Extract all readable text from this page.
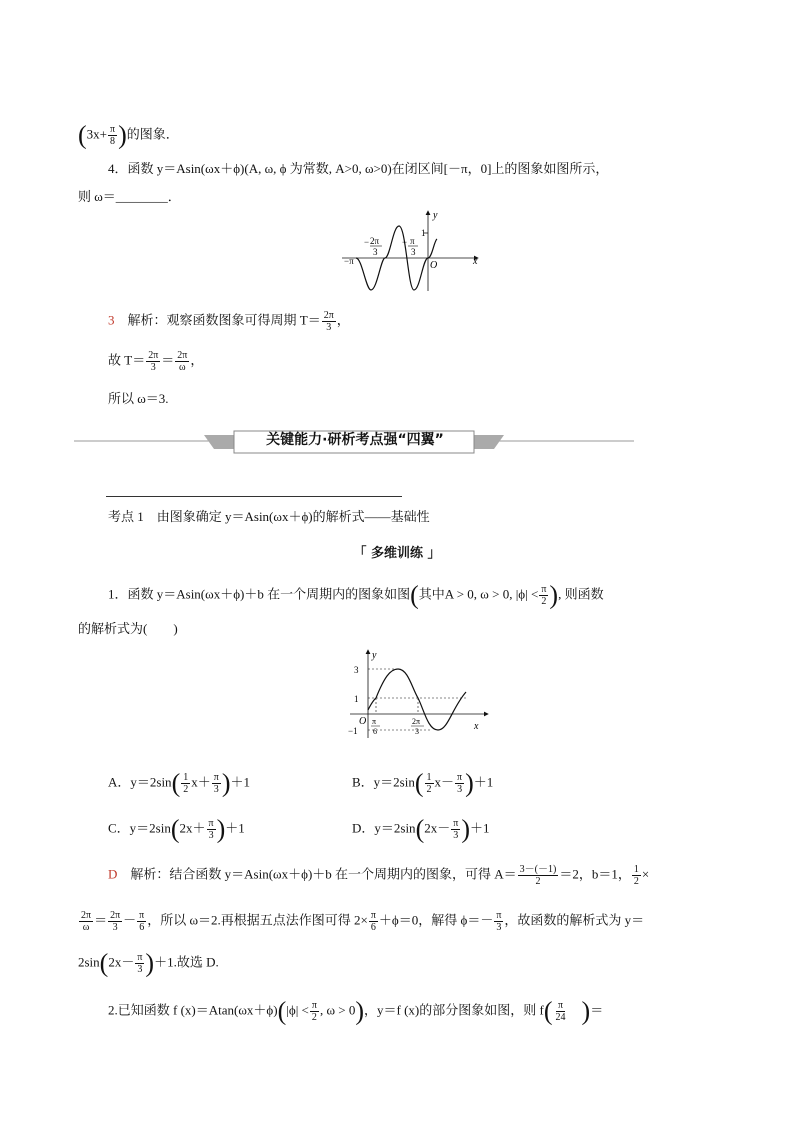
($3x+ \frac{\pi}{8}$ )的图象．
4．函数 y＝Asin(ωx＋ϕ)(A, ω, ϕ 为常数, A>0, ω>0)在闭区间[－π，0]上的图象如图所示，
则 ω＝________．
y
x
O
1
−π
− 2π
3
− π
3
3　 解析：观察函数图象可得周期 $T= \frac{2\pi}{3}$ ，
故 $T= \frac{2\pi}{3} = \frac{2\pi}{\omega}$ ，
所以 ω＝3.
关键能力·研析考点强“四翼”
考点 1　由图象确定 y＝Asin(ωx＋ϕ)的解析式——基础性
「 多维训练 」
1．函数 y＝Asin(ωx＋ϕ)＋b 在一个周期内的图象如图(其中A > 0, ω > 0, $|\phi| < \frac{\pi}{2}$ ), 则函数
的解析式为(　　)
y
x
O
3
1
−1
π
6
2π
3
A．$y=2\sin( \frac{1}{2} x+ \frac{\pi}{3} )+1$	B．$y=2\sin( \frac{1}{2} x- \frac{\pi}{3} )+1$
C．$y=2\sin(2x+ \frac{\pi}{3} )+1$	D．$y=2\sin(2x- \frac{\pi}{3} )+1$
D　 解析：结合函数 y＝Asin(ωx＋ϕ)＋b 在一个周期内的图象，可得 $A= \frac{3-(-1)}{2} =2$，b＝1， $\frac{1}{2}$ ×
$\frac{2\pi}{\omega} = \frac{2\pi}{3} - \frac{\pi}{6}$ ，所以 ω＝2.再根据五点法作图可得 $2\times \frac{\pi}{6} +\phi=0$，解得 $\phi=- \frac{\pi}{3}$ ，故函数的解析式为 y＝
$2\sin(2x- \frac{\pi}{3} )+1$.故选 D.
2.已知函数 f $(x)=Atan(\omega x+\phi)(|\phi| < \frac{\pi}{2}$ , ω > 0)，y＝f (x)的部分图象如图，则 $f( \frac{\pi}{24}$
　 )＝
